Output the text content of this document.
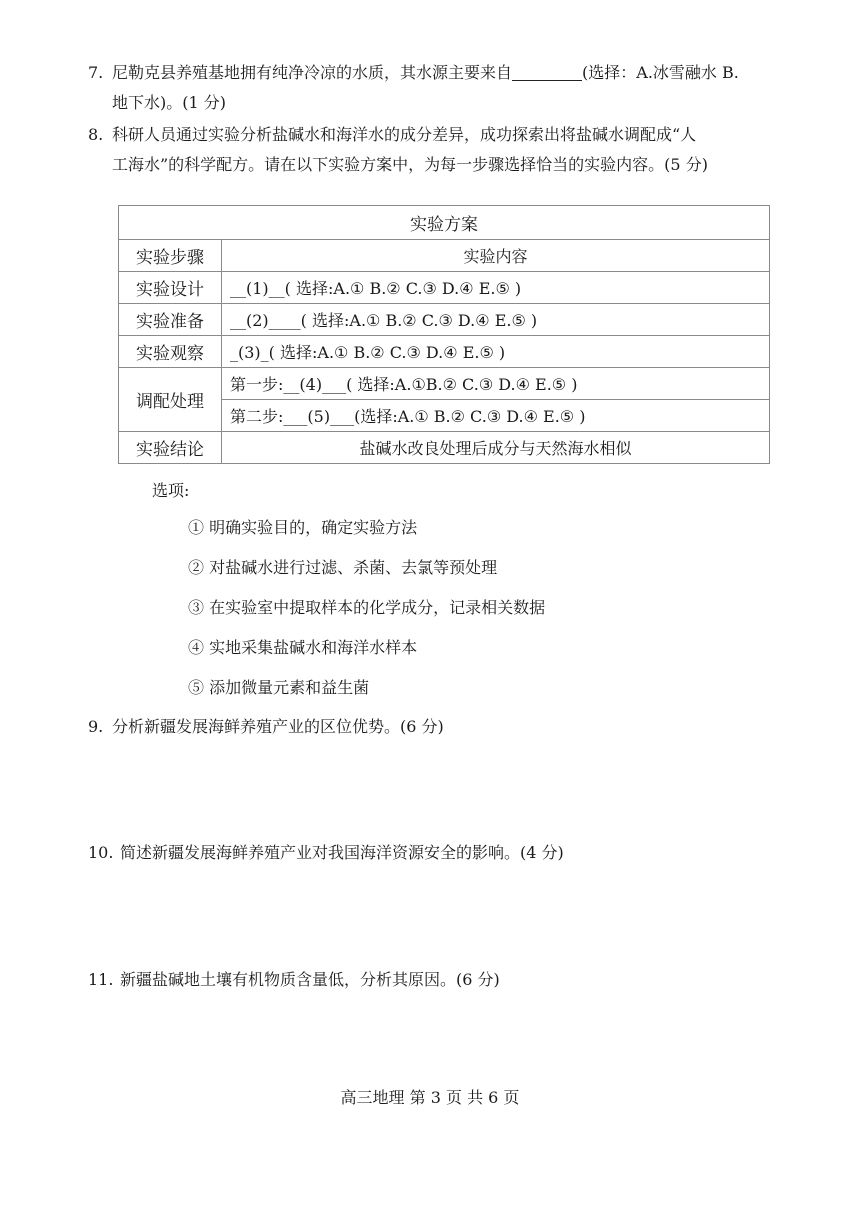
7. 尼勒克县养殖基地拥有纯净冷凉的水质，其水源主要来自	(选择：A.冰雪融水 B.
地下水)。(1 分)
8. 科研人员通过实验分析盐碱水和海洋水的成分差异，成功探索出将盐碱水调配成“人
工海水”的科学配方。请在以下实验方案中，为每一步骤选择恰当的实验内容。(5 分)
实验方案	
实验步骤	实验内容
实验设计	__(1)__( 选择:A.① B.② C.③ D.④ E.⑤ )
实验准备	__(2)____( 选择:A.① B.② C.③ D.④ E.⑤ )
实验观察	_(3)_( 选择:A.① B.② C.③ D.④ E.⑤ )
调配处理	第一步:__(4)___( 选择:A.①B.② C.③ D.④ E.⑤ )
	第二步:___(5)___(选择:A.① B.② C.③ D.④ E.⑤ )
实验结论	盐碱水改良处理后成分与天然海水相似
选项:
① 明确实验目的，确定实验方法
② 对盐碱水进行过滤、杀菌、去氯等预处理
③ 在实验室中提取样本的化学成分，记录相关数据
④ 实地采集盐碱水和海洋水样本
⑤ 添加微量元素和益生菌
9. 分析新疆发展海鲜养殖产业的区位优势。(6 分)
10. 简述新疆发展海鲜养殖产业对我国海洋资源安全的影响。(4 分)
11. 新疆盐碱地土壤有机物质含量低，分析其原因。(6 分)
高三地理 第 3 页 共 6 页
